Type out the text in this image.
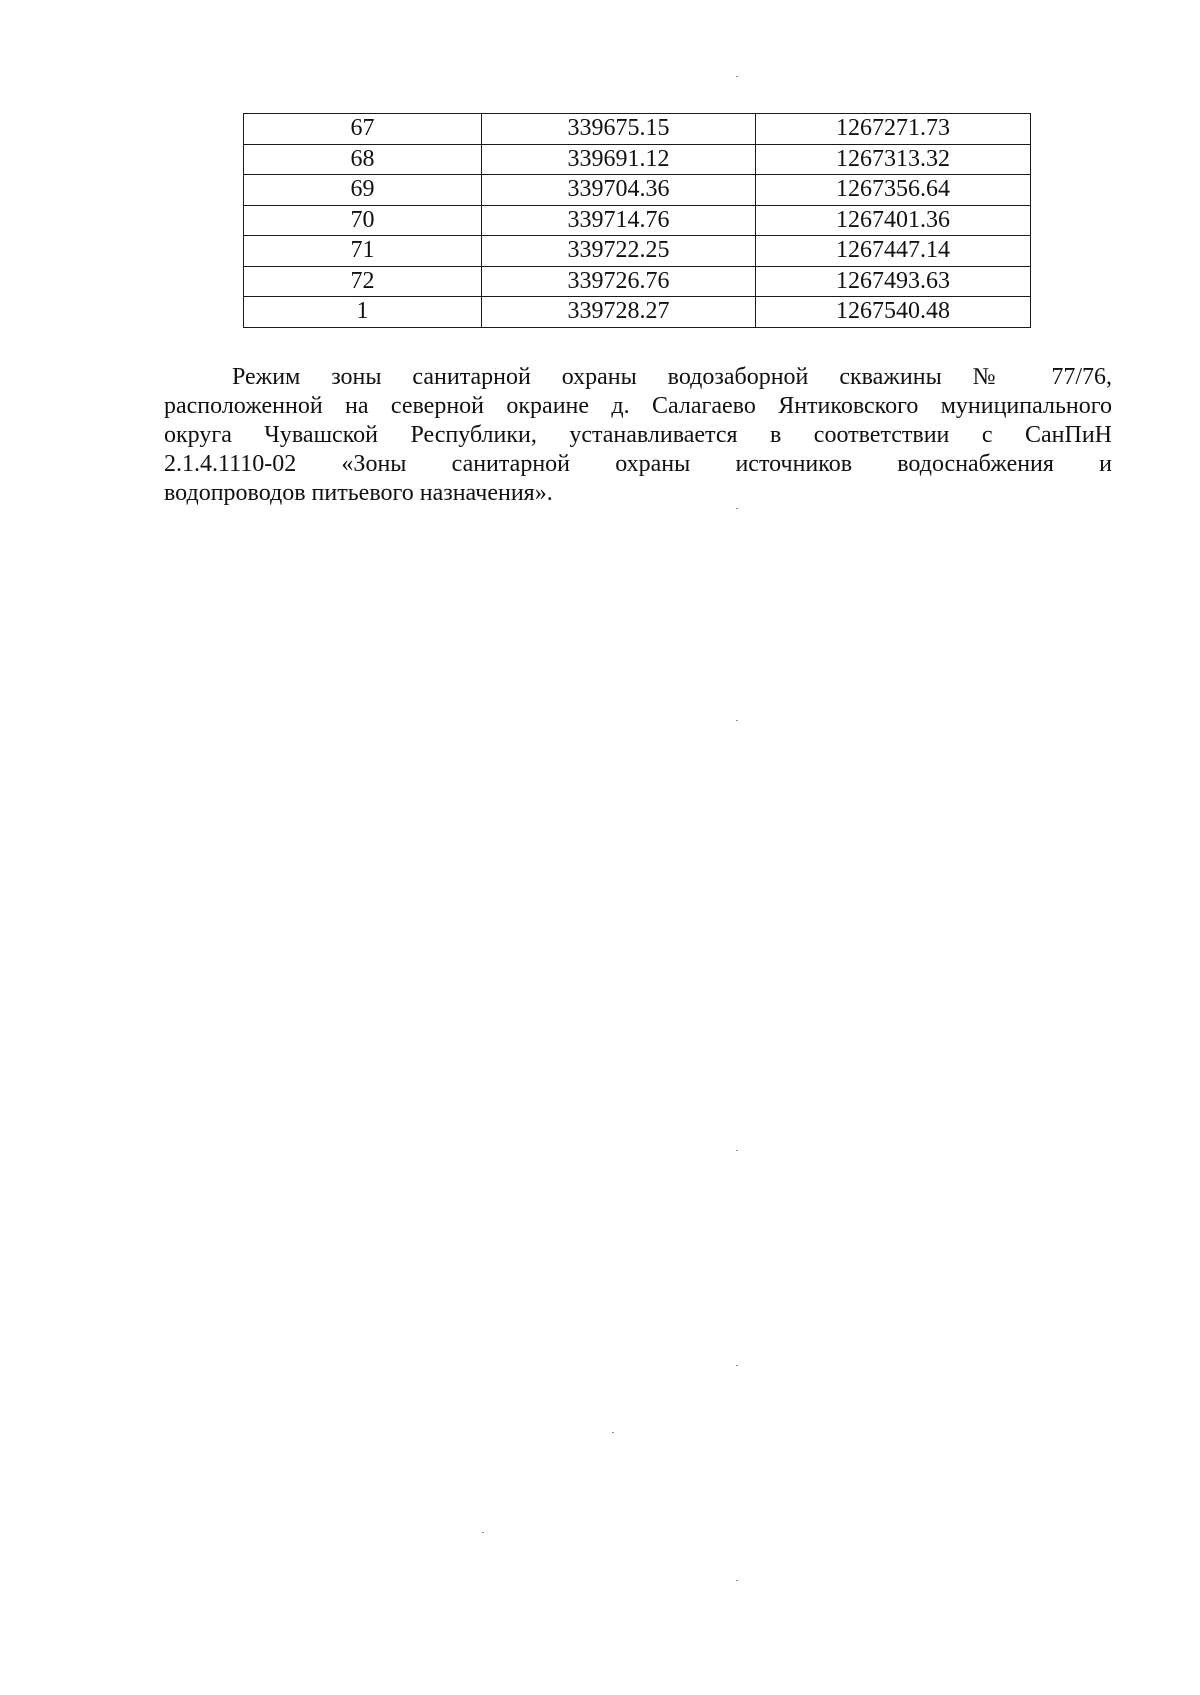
67	339675.15	1267271.73
68	339691.12	1267313.32
69	339704.36	1267356.64
70	339714.76	1267401.36
71	339722.25	1267447.14
72	339726.76	1267493.63
1	339728.27	1267540.48

Режим зоны санитарной охраны водозаборной скважины № 77/76,
расположенной на северной окраине д. Салагаево Янтиковского муниципального
округа Чувашской Республики, устанавливается в соответствии с СанПиН
2.1.4.1110-02 «Зоны санитарной охраны источников водоснабжения и
водопроводов питьевого назначения».
